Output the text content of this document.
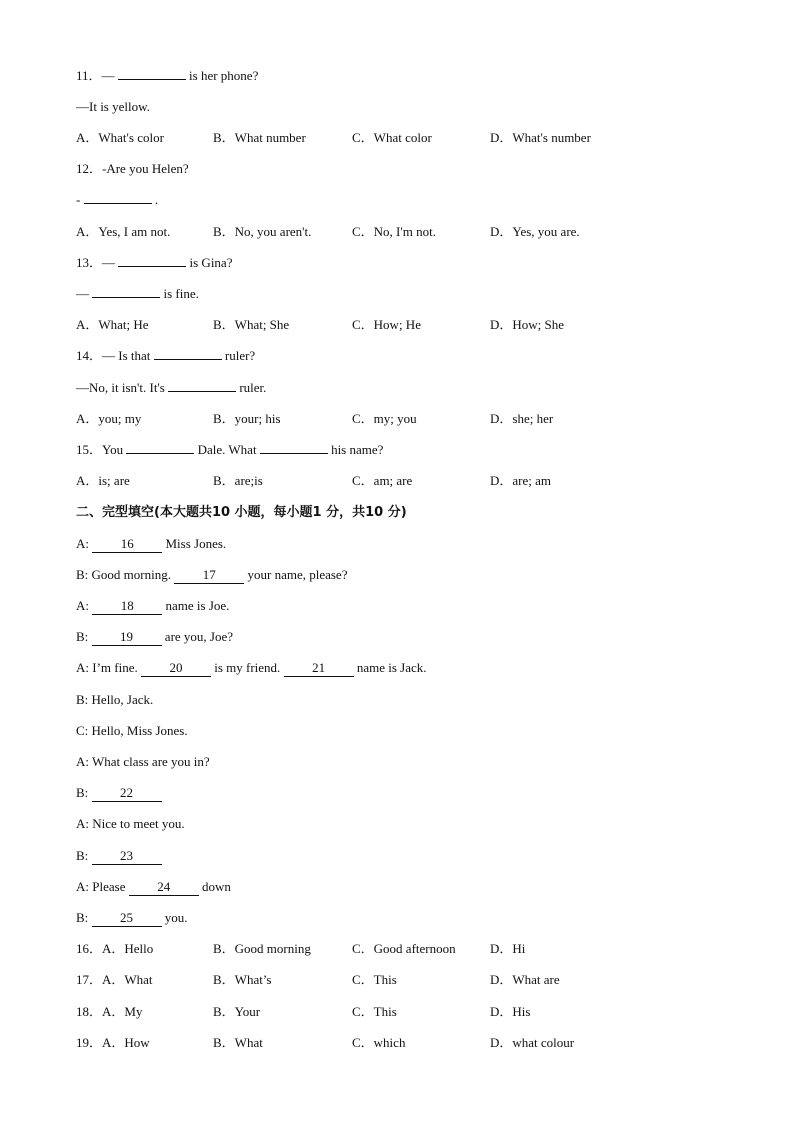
11．—	is her phone?
—It is yellow.
A．What's color	B．What number	C．What color	D．What's number
12．-Are you Helen?
-	.
A．Yes, I am not.	B．No, you aren't.	C．No, I'm not.	D．Yes, you are.
13．—	is Gina?
—	is fine.
A．What; He	B．What; She	C．How; He	D．How; She
14．— Is that	ruler?
—No, it isn't. It's	ruler.
A．you; my	B．your; his	C．my; you	D．she; her
15．You	Dale. What	his name?
A．is; are	B．are;is	C．am; are	D．are; am
二、完型填空(本大题共10 小题，每小题1 分，共10 分)
A: 16 Miss Jones.
B: Good morning. 17 your name, please?
A: 18 name is Joe.
B: 19 are you, Joe?
A: I’m fine. 20 is my friend. 21 name is Jack.
B: Hello, Jack.
C: Hello, Miss Jones.
A: What class are you in?
B: 22
A: Nice to meet you.
B: 23
A: Please 24 down
B: 25 you.
16．A．Hello	B．Good morning	C．Good afternoon	D．Hi
17．A．What	B．What’s	C．This	D．What are
18．A．My	B．Your	C．This	D．His
19．A．How	B．What	C．which	D．what colour
